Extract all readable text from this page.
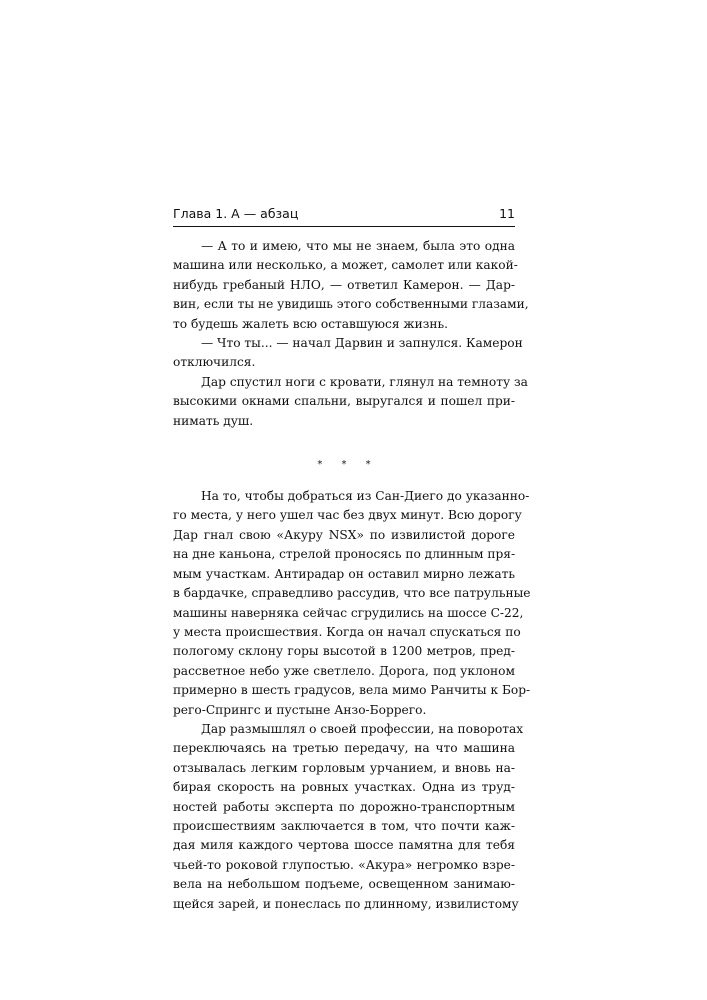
Глава 1. А — абзац	11

— А то и имею, что мы не знаем, была это одна
машина или несколько, а может, самолет или какой-
нибудь гребаный НЛО, — ответил Камерон. — Дар-
вин, если ты не увидишь этого собственными глазами,
то будешь жалеть всю оставшуюся жизнь.

— Что ты... — начал Дарвин и запнулся. Камерон
отключился.

Дар спустил ноги с кровати, глянул на темноту за
высокими окнами спальни, выругался и пошел при-
нимать душ.

* * *

На то, чтобы добраться из Сан-Диего до указанно-
го места, у него ушел час без двух минут. Всю дорогу
Дар гнал свою «Акуру NSX» по извилистой дороге
на дне каньона, стрелой проносясь по длинным пря-
мым участкам. Антирадар он оставил мирно лежать
в бардачке, справедливо рассудив, что все патрульные
машины наверняка сейчас сгрудились на шоссе С-22,
у места происшествия. Когда он начал спускаться по
пологому склону горы высотой в 1200 метров, пред-
рассветное небо уже светлело. Дорога, под уклоном
примерно в шесть градусов, вела мимо Ранчиты к Бор-
рего-Спрингс и пустыне Анзо-Боррего.

Дар размышлял о своей профессии, на поворотах
переключаясь на третью передачу, на что машина
отзывалась легким горловым урчанием, и вновь на-
бирая скорость на ровных участках. Одна из труд-
ностей работы эксперта по дорожно-транспортным
происшествиям заключается в том, что почти каж-
дая миля каждого чертова шоссе памятна для тебя
чьей-то роковой глупостью. «Акура» негромко взре-
вела на небольшом подъеме, освещенном занимаю-
щейся зарей, и понеслась по длинному, извилистому
